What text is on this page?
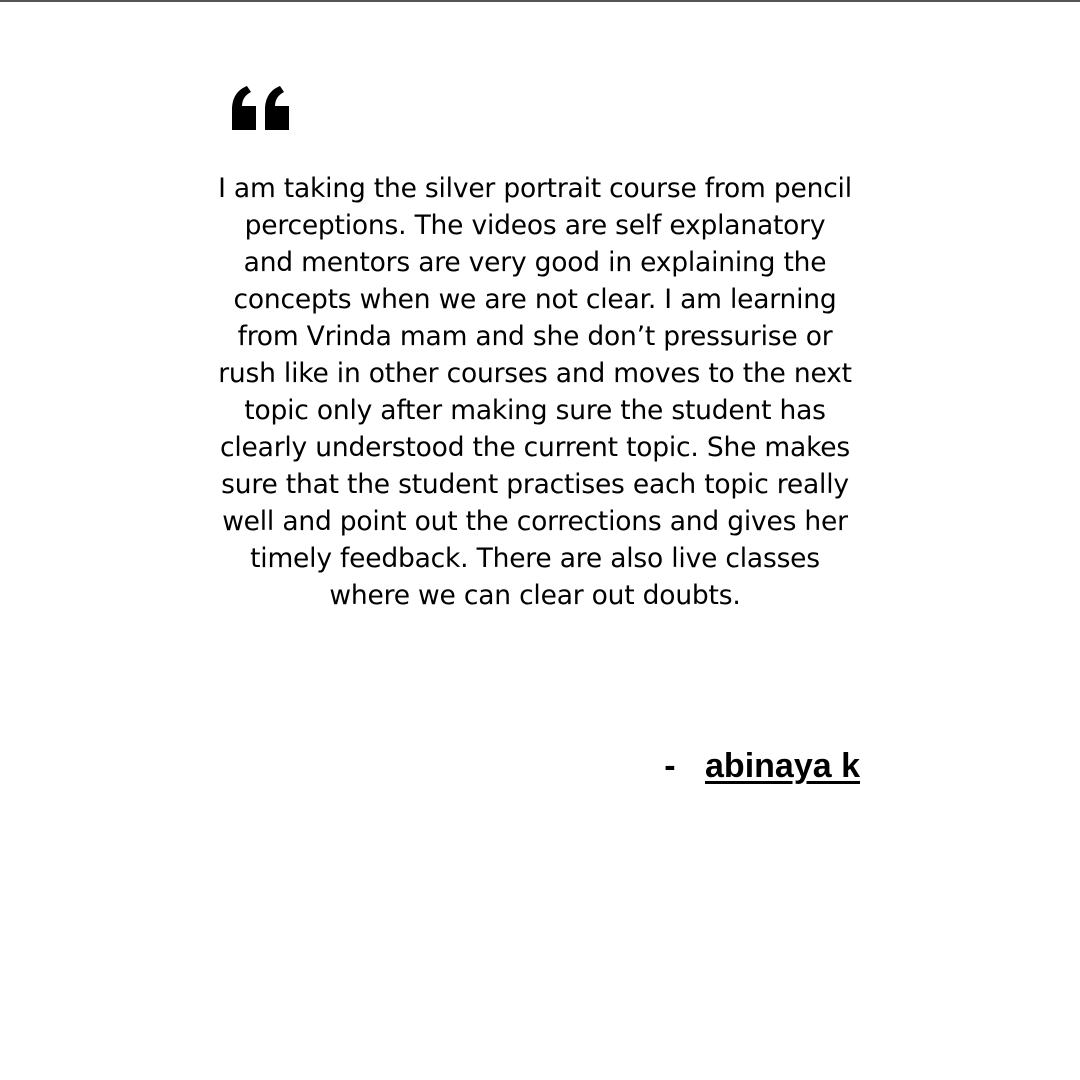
I am taking the silver portrait course from pencil
perceptions. The videos are self explanatory
and mentors are very good in explaining the
concepts when we are not clear. I am learning
from Vrinda mam and she don’t pressurise or
rush like in other courses and moves to the next
topic only after making sure the student has
clearly understood the current topic. She makes
sure that the student practises each topic really
well and point out the corrections and gives her
timely feedback. There are also live classes
where we can clear out doubts.

- abinaya k
